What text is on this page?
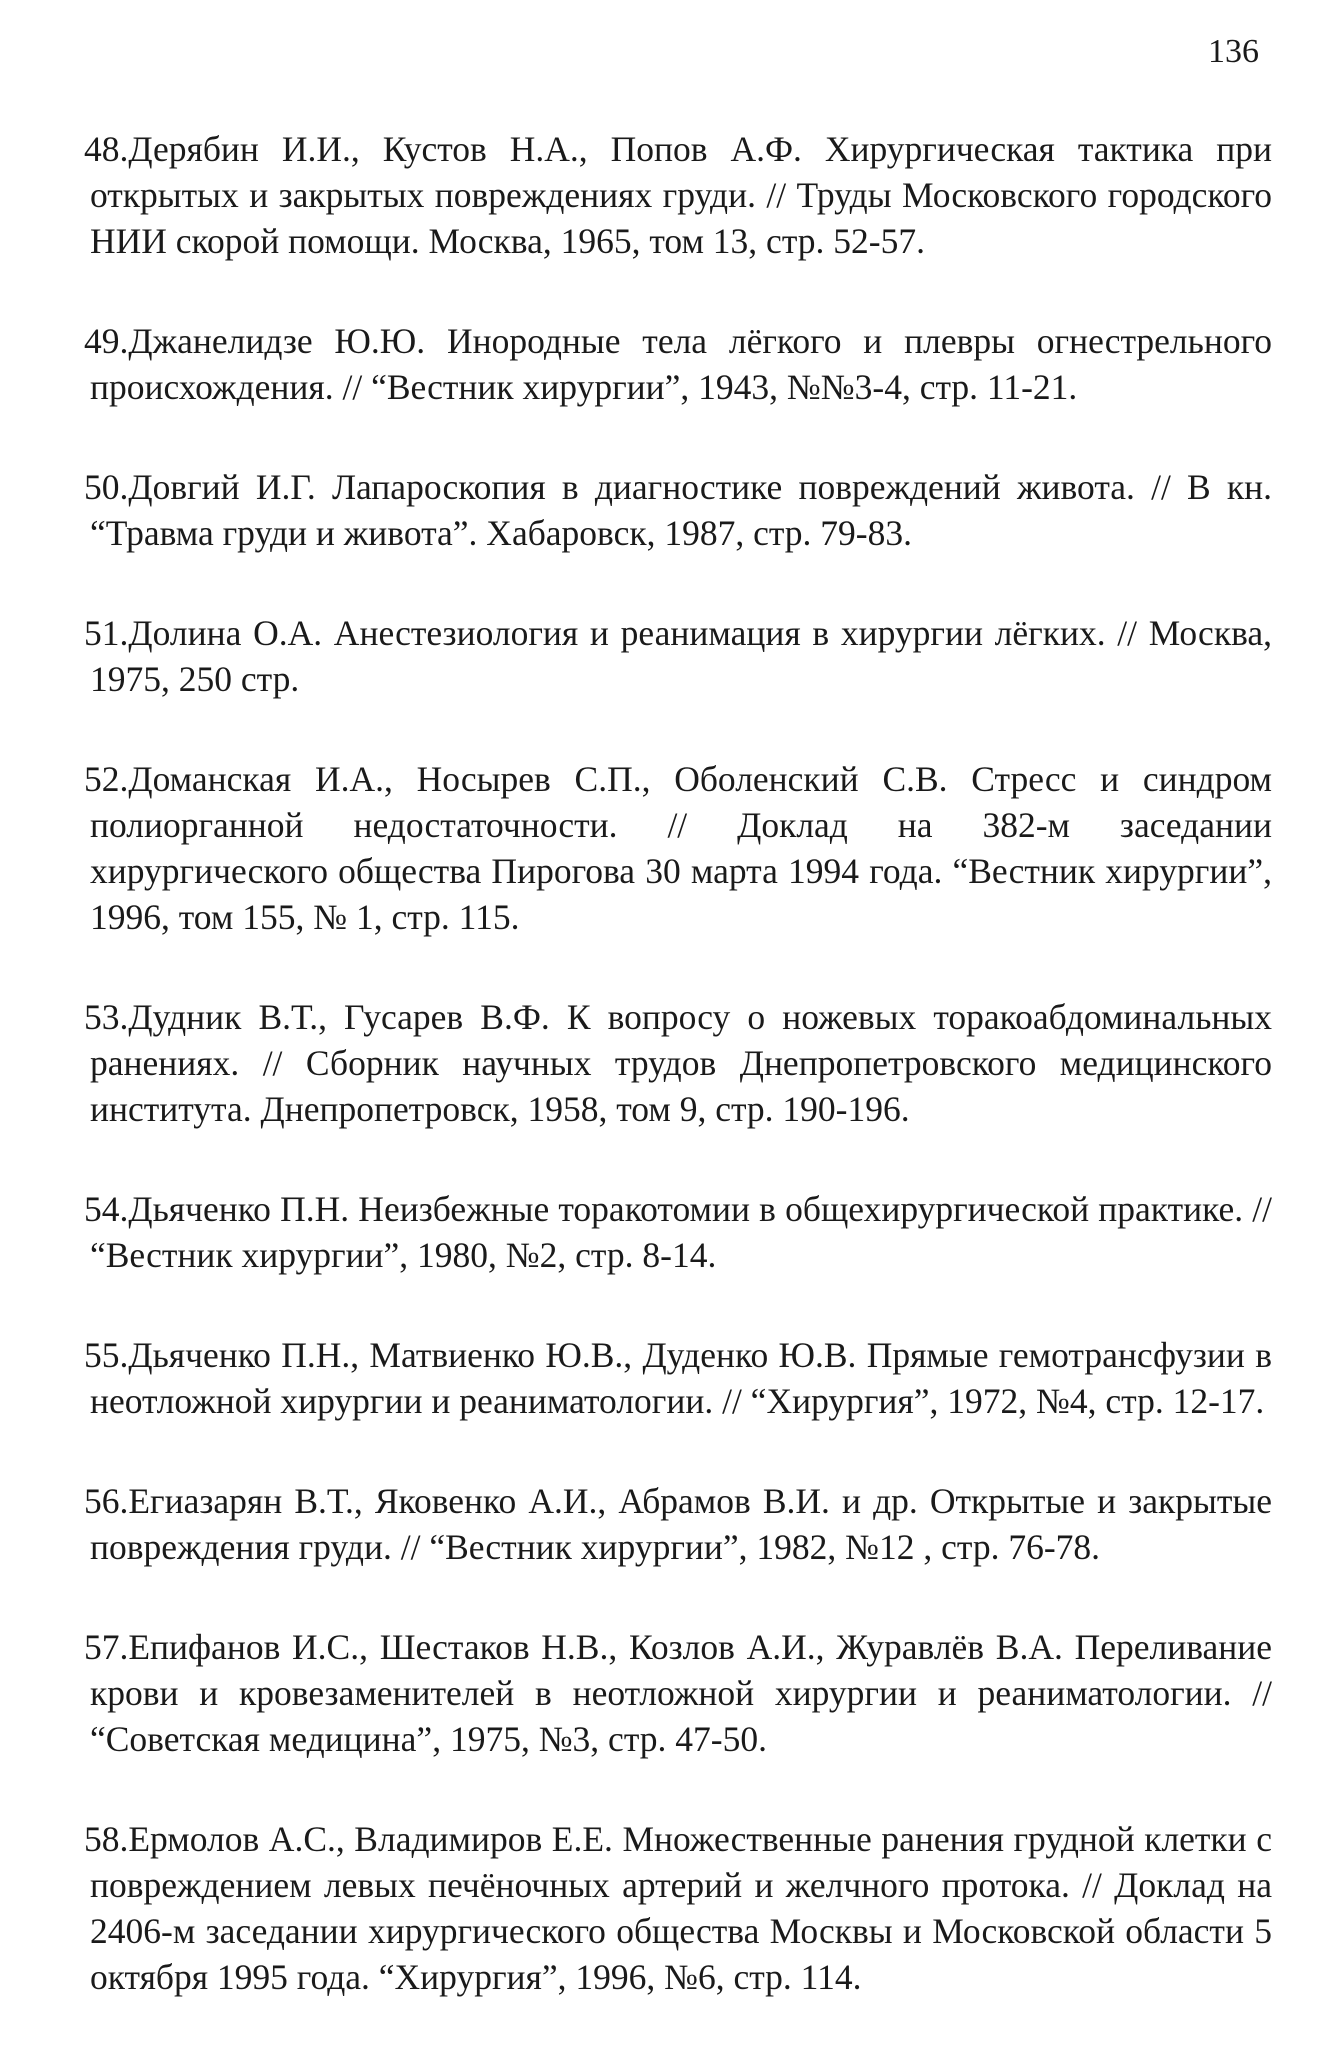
136
48.Дерябин И.И., Кустов Н.А., Попов А.Ф. Хирургическая тактика при открытых и закрытых повреждениях груди. // Труды Московского городского НИИ скорой помощи. Москва, 1965, том 13, стр. 52-57.
49.Джанелидзе Ю.Ю. Инородные тела лёгкого и плевры огнестрельного происхождения. // “Вестник хирургии”, 1943, №№3-4, стр. 11-21.
50.Довгий И.Г. Лапароскопия в диагностике повреждений живота. // В кн. “Травма груди и живота”. Хабаровск, 1987, стр. 79-83.
51.Долина О.А. Анестезиология и реанимация в хирургии лёгких. // Москва, 1975, 250 стр.
52.Доманская И.А., Носырев С.П., Оболенский С.В. Стресс и синдром полиорганной недостаточности. // Доклад на 382-м заседании хирургического общества Пирогова 30 марта 1994 года. “Вестник хирургии”, 1996, том 155, № 1, стр. 115.
53.Дудник В.Т., Гусарев В.Ф. К вопросу о ножевых торакоабдоминальных ранениях. // Сборник научных трудов Днепропетровского медицинского института. Днепропетровск, 1958, том 9, стр. 190-196.
54.Дьяченко П.Н. Неизбежные торакотомии в общехирургической практике. // “Вестник хирургии”, 1980, №2, стр. 8-14.
55.Дьяченко П.Н., Матвиенко Ю.В., Дуденко Ю.В. Прямые гемотрансфузии в неотложной хирургии и реаниматологии. // “Хирургия”, 1972, №4, стр. 12-17.
56.Егиазарян В.Т., Яковенко А.И., Абрамов В.И. и др. Открытые и закрытые повреждения груди. // “Вестник хирургии”, 1982, №12 , стр. 76-78.
57.Епифанов И.С., Шестаков Н.В., Козлов А.И., Журавлёв В.А. Переливание крови и кровезаменителей в неотложной хирургии и реаниматологии. // “Советская медицина”, 1975, №3, стр. 47-50.
58.Ермолов А.С., Владимиров Е.Е. Множественные ранения грудной клетки с повреждением левых печёночных артерий и желчного протока. // Доклад на 2406-м заседании хирургического общества Москвы и Московской области 5 октября 1995 года. “Хирургия”, 1996, №6, стр. 114.
